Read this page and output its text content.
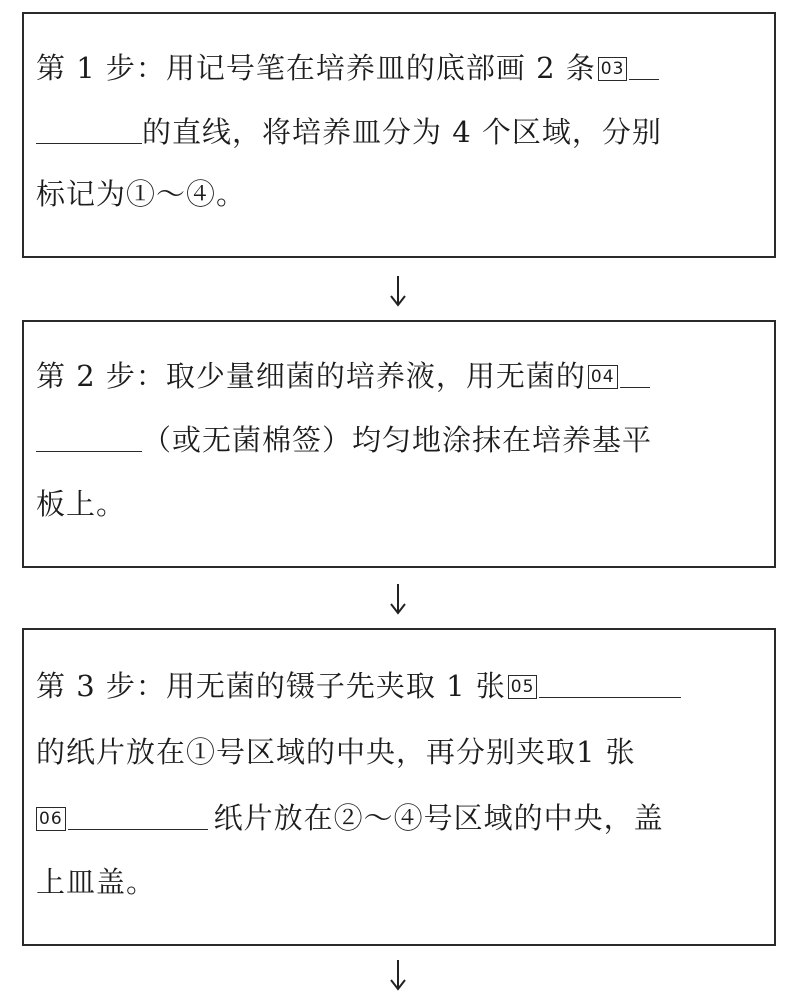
第 1 步：用记号笔在培养皿的底部画 2 条 03

的直线，将培养皿分为 4 个区域，分别

标记为①～④。

第 2 步：取少量细菌的培养液，用无菌的 04

（或无菌棉签）均匀地涂抹在培养基平

板上。

第 3 步：用无菌的镊子先夹取 1 张 05

的纸片放在①号区域的中央，再分别夹取1 张

06	纸片放在②～④号区域的中央，盖

上皿盖。
